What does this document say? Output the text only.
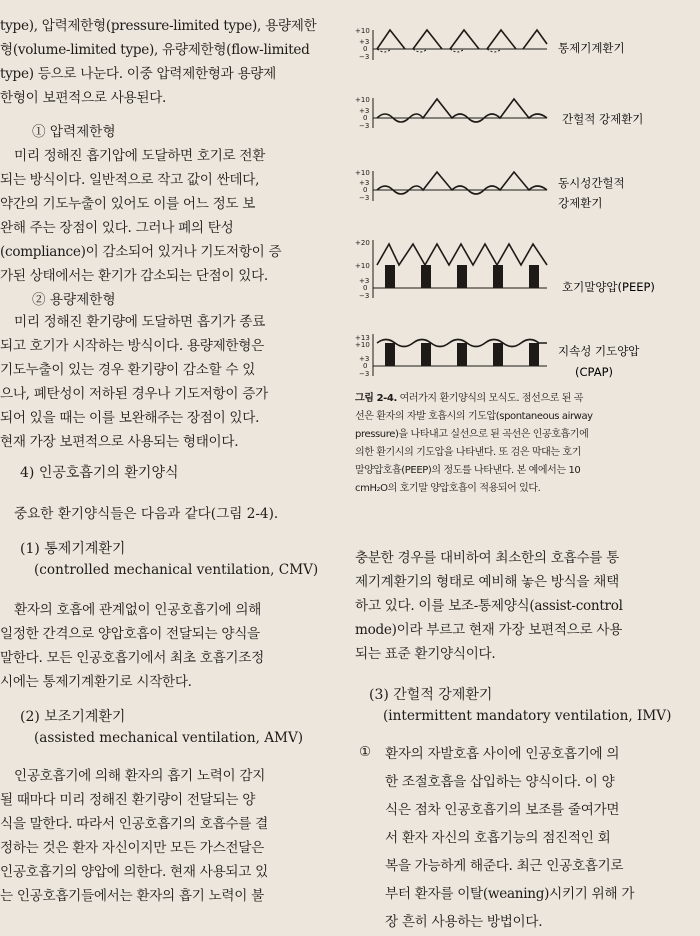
type), 압력제한형(pressure-limited type), 용량제한
형(volume-limited type), 유량제한형(flow-limited
type) 등으로 나눈다. 이중 압력제한형과 용량제
한형이 보편적으로 사용된다.
① 압력제한형
미리 정해진 흡기압에 도달하면 호기로 전환
되는 방식이다. 일반적으로 작고 값이 싼데다,
약간의 기도누출이 있어도 이를 어느 정도 보
완해 주는 장점이 있다. 그러나 폐의 탄성
(compliance)이 감소되어 있거나 기도저항이 증
가된 상태에서는 환기가 감소되는 단점이 있다.
② 용량제한형
미리 정해진 환기량에 도달하면 흡기가 종료
되고 호기가 시작하는 방식이다. 용량제한형은
기도누출이 있는 경우 환기량이 감소할 수 있
으나, 폐탄성이 저하된 경우나 기도저항이 증가
되어 있을 때는 이를 보완해주는 장점이 있다.
현재 가장 보편적으로 사용되는 형태이다.
4) 인공호흡기의 환기양식
중요한 환기양식들은 다음과 같다(그림 2-4).
(1) 통제기계환기
(controlled mechanical ventilation, CMV)
환자의 호흡에 관계없이 인공호흡기에 의해
일정한 간격으로 양압호흡이 전달되는 양식을
말한다. 모든 인공호흡기에서 최초 호흡기조정
시에는 통제기계환기로 시작한다.
(2) 보조기계환기
(assisted mechanical ventilation, AMV)
인공호흡기에 의해 환자의 흡기 노력이 감지
될 때마다 미리 정해진 환기량이 전달되는 양
식을 말한다. 따라서 인공호흡기의 호흡수를 결
정하는 것은 환자 자신이지만 모든 가스전달은
인공호흡기의 양압에 의한다. 현재 사용되고 있
는 인공호흡기들에서는 환자의 흡기 노력이 불
+10
+3
0
−3
통제기계환기
+10
+3
0
−3	간헐적 강제환기
+10
+3
0
−3
동시성간헐적
강제환기
+20
+10
+3
0
−3
호기말양압(PEEP)
+13
+10
+3
0
−3
지속성 기도양압
(CPAP)
그림 2-4. 여러가지 환기양식의 모식도. 점선으로 된 곡
선은 환자의 자발 호흡시의 기도압(spontaneous airway
pressure)을 나타내고 실선으로 된 곡선은 인공호흡기에
의한 환기시의 기도압을 나타낸다. 또 검은 막대는 호기
말양압호흡(PEEP)의 정도를 나타낸다. 본 예에서는 10
cmH₂O의 호기말 양압호흡이 적용되어 있다.
충분한 경우를 대비하여 최소한의 호흡수를 통
제기계환기의 형태로 예비해 놓은 방식을 채택
하고 있다. 이를 보조-통제양식(assist-control
mode)이라 부르고 현재 가장 보편적으로 사용
되는 표준 환기양식이다.
(3) 간헐적 강제환기
(intermittent mandatory ventilation, IMV)
① 환자의 자발호흡 사이에 인공호흡기에 의
한 조절호흡을 삽입하는 양식이다. 이 양
식은 점차 인공호흡기의 보조를 줄여가면
서 환자 자신의 호흡기능의 점진적인 회
복을 가능하게 해준다. 최근 인공호흡기로
부터 환자를 이탈(weaning)시키기 위해 가
장 흔히 사용하는 방법이다.
